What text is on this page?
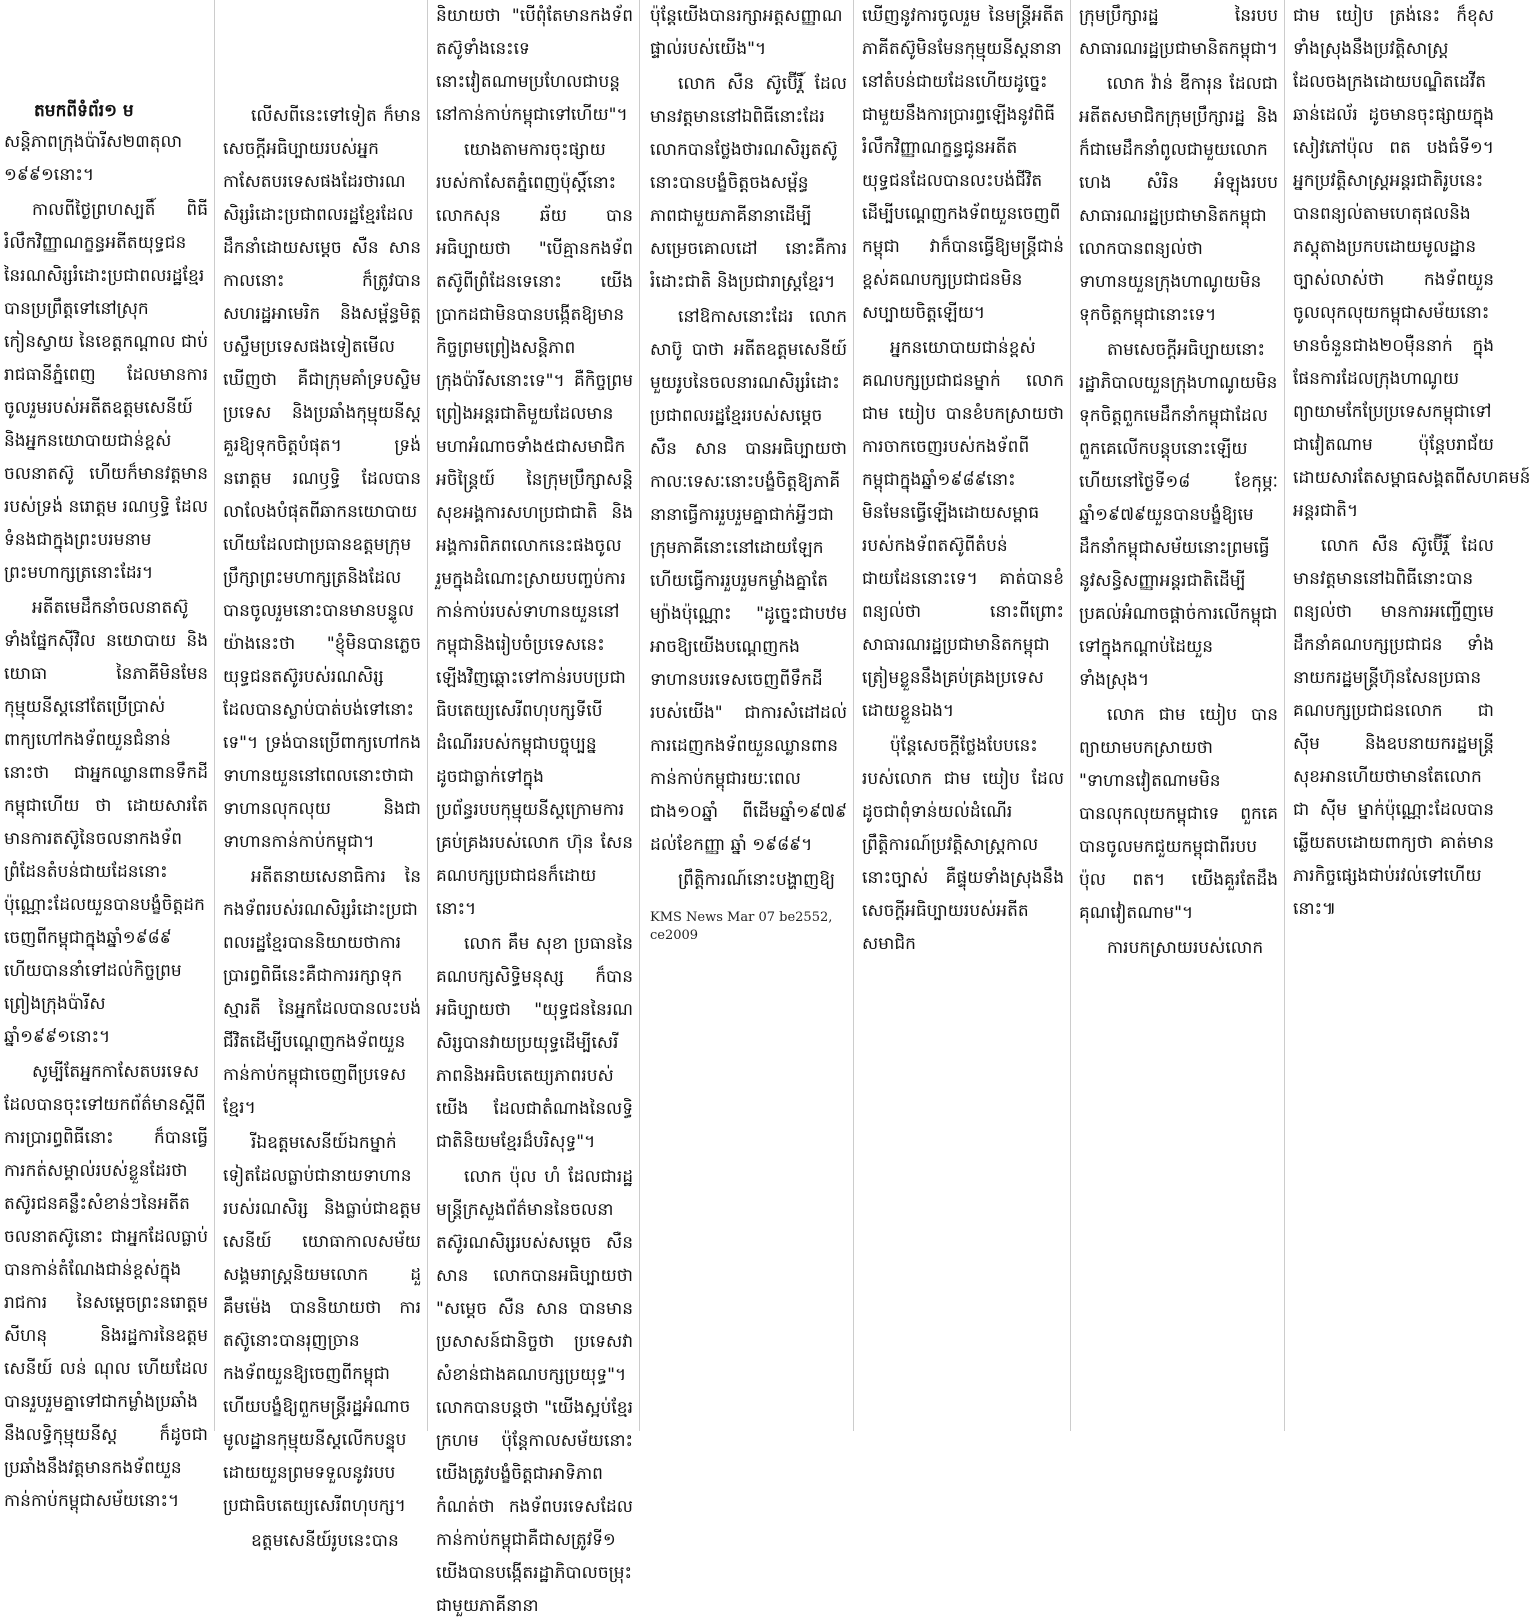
តមកពីទំព័រ១ ម

សន្តិភាពក្រុងប៉ារីស២៣តុលា ១៩៩១នោះ។

កាលពីថ្ងៃព្រហស្បតិ៍ ពិធីរំលឹកវិញ្ញាណក្ខន្ធអតីតយុទ្ធជន នៃរណសិរ្សរំដោះប្រជាពលរដ្ឋខ្មែរបានប្រព្រឹត្តទៅនៅស្រុកកៀនស្វាយ នៃខេត្តកណ្តាល ជាប់រាជធានីភ្នំពេញ ដែលមានការចូលរួមរបស់អតីតឧត្តមសេនីយ៍និងអ្នកនយោបាយជាន់ខ្ពស់ចលនាតស៊ូ ហើយក៏មានវត្តមានរបស់ទ្រង់ នរោត្តម រណឫទ្ធិ ដែលទំនងជាក្នុងព្រះបរមនាមព្រះមហាក្សត្រនោះដែរ។

អតីតមេដឹកនាំចលនាតស៊ូទាំងផ្នែកស៊ីវិល នយោបាយ និងយោធា នៃភាគីមិនមែនកុម្មុយនីស្តនៅតែប្រើប្រាស់ពាក្យហៅកងទ័ពយួនជំនាន់នោះថា ជាអ្នកឈ្លានពានទឹកដីកម្ពុជាហើយ ថា ដោយសារតែមានការតស៊ូនៃចលនាកងទ័ពព្រំដែនតំបន់ជាយដែននោះប៉ុណ្ណោះដែលយួនបានបង្ខំចិត្តដកចេញពីកម្ពុជាក្នុងឆ្នាំ១៩៨៩ ហើយបាននាំទៅដល់កិច្ចព្រមព្រៀងក្រុងប៉ារីសឆ្នាំ១៩៩១នោះ។

សូម្បីតែអ្នកកាសែតបរទេសដែលបានចុះទៅយកព័ត៌មានស្តីពីការប្រារព្ធពិធីនោះ ក៏បានធ្វើការកត់សម្គាល់របស់ខ្លួនដែរថា តស៊ូរជនគន្លឹះសំខាន់ៗនៃអតីតចលនាតស៊ូនោះ ជាអ្នកដែលធ្លាប់បានកាន់តំណែងជាន់ខ្ពស់ក្នុងរាជការ នៃសម្តេចព្រះនរោត្តម សីហនុ និងរដ្ឋការនៃឧត្តមសេនីយ៍ លន់ ណុល ហើយដែលបានរួបរួមគ្នាទៅជាកម្លាំងប្រឆាំងនឹងលទ្ធិកុម្មុយនីស្ត ក៏ដូចជាប្រឆាំងនឹងវត្តមានកងទ័ពយួនកាន់កាប់កម្ពុជាសម័យនោះ។

លើសពីនេះទៅទៀត ក៏មានសេចក្តីអធិប្បាយរបស់អ្នកកាសែតបរទេសផងដែរថារណសិរ្សរំដោះប្រជាពលរដ្ឋខ្មែរដែលដឹកនាំដោយសម្តេច សឺន សាន កាលនោះ ក៏ត្រូវបានសហរដ្ឋអាមេរិក និងសម្ព័ន្ធមិត្តបស្ចឹមប្រទេសផងទៀតមើលឃើញថា គឺជាក្រុមគាំទ្របស្ចិមប្រទេស និងប្រឆាំងកុម្មុយនីស្តគួរឱ្យទុកចិត្តបំផុត។ ទ្រង់ នរោត្តម រណឫទ្ធិ ដែលបានលាលែងបំផុតពីឆាកនយោបាយ ហើយដែលជាប្រធានឧត្តមក្រុមប្រឹក្សាព្រះមហាក្សត្រនិងដែលបានចូលរួមនោះបានមានបន្ទូលយ៉ាងនេះថា "ខ្ញុំមិនបានភ្លេចយុទ្ធជនតស៊ូរបស់រណសិរ្ស ដែលបានស្លាប់បាត់បង់ទៅនោះទេ"។ ទ្រង់បានប្រើពាក្យហៅកងទាហានយួននៅពេលនោះថាជាទាហានលុកលុយ និងជាទាហានកាន់កាប់កម្ពុជា។

អតីតនាយសេនាធិការ នៃកងទ័ពរបស់រណសិរ្សរំដោះប្រជាពលរដ្ឋខ្មែរបាននិយាយថាការប្រារព្ធពិធីនេះគឺជាការរក្សាទុកស្មារតី នៃអ្នកដែលបានលះបង់ជីវិតដើម្បីបណ្តេញកងទ័ពយួនកាន់កាប់កម្ពុជាចេញពីប្រទេសខ្មែរ។

រីឯឧត្តមសេនីយ៍ឯកម្នាក់ទៀតដែលធ្លាប់ជានាយទាហានរបស់រណសិរ្ស និងធ្លាប់ជាឧត្តមសេនីយ៍ យោធាកាលសម័យសង្គមរាស្ត្រនិយមលោក ដួ គឹមម៉េង បាននិយាយថា ការតស៊ូនោះបានរុញច្រានកងទ័ពយួនឱ្យចេញពីកម្ពុជាហើយបង្ខំឱ្យពួកមន្ត្រីរដ្ឋអំណាចមូលដ្ឋានកុម្មុយនីស្តលើកបន្ទុបដោយយួនព្រមទទួលនូវរបបប្រជាធិបតេយ្យសេរីពហុបក្ស។

ឧត្តមសេនីយ៍រូបនេះបាន

និយាយថា "បើពុំតែមានកងទ័ពតស៊ូទាំងនេះទេនោះវៀតណាមប្រហែលជាបន្តនៅកាន់កាប់កម្ពុជាទៅហើយ"។

យោងតាមការចុះផ្សាយរបស់កាសែតភ្នំពេញប៉ុស្តិ៍នោះ លោកសុន ឆ័យ បានអធិប្បាយថា "បើគ្មានកងទ័ពតស៊ូពីព្រំដែនទេនោះ យើងប្រាកដជាមិនបានបង្កើតឱ្យមានកិច្ចព្រមព្រៀងសន្តិភាពក្រុងប៉ារីសនោះទេ"។ គឺកិច្ចព្រមព្រៀងអន្តរជាតិមួយដែលមានមហាអំណាចទាំង៥ជាសមាជិកអចិន្ត្រៃយ៍ នៃក្រុមប្រឹក្សាសន្តិសុខអង្គការសហប្រជាជាតិ និងអង្គការពិភពលោកនេះផងចូលរួមក្នុងដំណោះស្រាយបញ្ចប់ការកាន់កាប់របស់ទាហានយួននៅកម្ពុជានិងរៀបចំប្រទេសនេះឡើងវិញឆ្ពោះទៅកាន់របបប្រជាធិបតេយ្យសេរីពហុបក្សទីបើដំណើររបស់កម្ពុជាបច្ចុប្បន្នដូចជាធ្លាក់ទៅក្នុងប្រព័ន្ធរបបកុម្មុយនីស្តក្រោមការគ្រប់គ្រងរបស់លោក ហ៊ុន សែន គណបក្សប្រជាជនក៏ដោយនោះ។

លោក គឹម សុខា ប្រធាននៃគណបក្សសិទ្ធិមនុស្ស ក៏បានអធិប្បាយថា "យុទ្ធជននៃរណសិរ្សបានវាយប្រយុទ្ធដើម្បីសេរីភាពនិងអធិបតេយ្យភាពរបស់យើង ដែលជាតំណាងនៃលទ្ធិជាតិនិយមខ្មែរដ៏បរិសុទ្ធ"។

លោក ប៉ុល ហំ ដែលជារដ្ឋមន្ត្រីក្រសួងព័ត៌មាននៃចលនាតស៊ូរណសិរ្សរបស់សម្តេច សឺន សាន លោកបានអធិប្បាយថា "សម្តេច សឺន សាន បានមានប្រសាសន៍ជានិច្ចថា ប្រទេសវាសំខាន់ជាងគណបក្សប្រយុទ្ធ"។ លោកបានបន្តថា "យើងស្អប់ខ្មែរក្រហម ប៉ុន្តែកាលសម័យនោះ យើងត្រូវបង្ខំចិត្តជាអាទិភាពកំណត់ថា កងទ័ពបរទេសដែលកាន់កាប់កម្ពុជាគឺជាសត្រូវទី១ យើងបានបង្កើតរដ្ឋាភិបាលចម្រុះជាមួយភាគីនានា

ប៉ុន្តែយើងបានរក្សាអត្តសញ្ញាណផ្ទាល់របស់យើង"។

លោក សឺន ស៊ូប៊ើរ្តិ៍ ដែលមានវត្តមាននៅឯពិធីនោះដែរ លោកបានថ្លែងថារណសិរ្សតស៊ូនោះបានបង្ខំចិត្តចងសម្ព័ន្ធភាពជាមួយភាគីនានាដើម្បីសម្រេចគោលដៅ នោះគឺការរំដោះជាតិ និងប្រជារាស្ត្រខ្មែរ។

នៅឱកាសនោះដែរ លោក សាប៊ូ បាថា អតីតឧត្តមសេនីយ៍មួយរូបនៃចលនារណសិរ្សរំដោះប្រជាពលរដ្ឋខ្មែររបស់សម្តេច សឺន សាន បានអធិប្បាយថា កាលៈទេសៈនោះបង្ខំចិត្តឱ្យភាគីនានាធ្វើការរួបរួមគ្នាជាក់អ្វីៗជាក្រុមភាគីនោះនៅដោយឡែក ហើយធ្វើការរួបរួមកម្លាំងគ្នាតែម្យ៉ាងប៉ុណ្ណោះ "ដូច្នេះជាបឋមអាចឱ្យយើងបណ្តេញកងទាហានបរទេសចេញពីទឹកដីរបស់យើង" ជាការសំដៅដល់ការដេញកងទ័ពយួនឈ្លានពានកាន់កាប់កម្ពុជារយៈពេលជាង១០ឆ្នាំ ពីដើមឆ្នាំ១៩៧៩ ដល់ខែកញ្ញា ឆ្នាំ ១៩៨៩។

ព្រឹត្តិការណ៍នោះបង្ហាញឱ្យ

KMS News Mar 07 be2552, ce2009

ឃើញនូវការចូលរួម នៃមន្ត្រីអតីតភាគីតស៊ូមិនមែនកុម្មុយនីស្តនានានៅតំបន់ជាយដែនហើយដូច្នេះជាមួយនឹងការប្រារព្ធឡើងនូវពិធីរំលឹកវិញ្ញាណក្ខន្ធជូនអតីតយុទ្ធជនដែលបានលះបង់ជីវិតដើម្បីបណ្តេញកងទ័ពយួនចេញពីកម្ពុជា វាក៏បានធ្វើឱ្យមន្ត្រីជាន់ខ្ពស់គណបក្សប្រជាជនមិនសប្បាយចិត្តឡើយ។

អ្នកនយោបាយជាន់ខ្ពស់គណបក្សប្រជាជនម្នាក់ លោក ជាម យៀប បានខំបកស្រាយថាការចាកចេញរបស់កងទ័ពពីកម្ពុជាក្នុងឆ្នាំ១៩៨៩នោះ មិនមែនធ្វើឡើងដោយសម្ពាធរបស់កងទ័ពតស៊ូពីតំបន់ជាយដែននោះទេ។ គាត់បានខំពន្យល់ថា នោះពីព្រោះសាធារណរដ្ឋប្រជាមានិតកម្ពុជាត្រៀមខ្លួននឹងគ្រប់គ្រងប្រទេសដោយខ្លួនឯង។

ប៉ុន្តែសេចក្តីថ្លែងបែបនេះរបស់លោក ជាម យៀប ដែលដូចជាពុំទាន់យល់ដំណើរព្រឹត្តិការណ៍ប្រវត្តិសាស្ត្រកាលនោះច្បាស់ គឺផ្ទុយទាំងស្រុងនឹងសេចក្តីអធិប្បាយរបស់អតីតសមាជិក

ក្រុមប្រឹក្សារដ្ឋ នៃរបបសាធារណរដ្ឋប្រជាមានិតកម្ពុជា។

លោក វ៉ាន់ ឌីការុន ដែលជាអតីតសមាជិកក្រុមប្រឹក្សារដ្ឋ និងក៏ជាមេដឹកនាំពូលជាមួយលោក ហេង សំរិន អំឡុងរបបសាធារណរដ្ឋប្រជាមានិតកម្ពុជា លោកបានពន្យល់ថា ទាហានយួនក្រុងហាណូយមិនទុកចិត្តកម្ពុជានោះទេ។

តាមសេចក្តីអធិប្បាយនោះរដ្ឋាភិបាលយួនក្រុងហាណូយមិនទុកចិត្តពួកមេដឹកនាំកម្ពុជាដែលពួកគេលើកបន្តុបនោះឡើយ ហើយនៅថ្ងៃទី១៨ ខែកុម្ភៈ ឆ្នាំ១៩៧៩យួនបានបង្ខំឱ្យមេដឹកនាំកម្ពុជាសម័យនោះព្រមធ្វើនូវសន្ធិសញ្ញាអន្តរជាតិដើម្បីប្រគល់អំណាចផ្តាច់ការលើកម្ពុជាទៅក្នុងកណ្តាប់ដៃយួនទាំងស្រុង។

លោក ជាម យៀប បានព្យាយាមបកស្រាយថា "ទាហានវៀតណាមមិនបានលុកលុយកម្ពុជាទេ ពួកគេបានចូលមកជួយកម្ពុជាពីរបប ប៉ុល ពត។ យើងគួរតែដឹងគុណវៀតណាម"។

ការបកស្រាយរបស់លោក

ជាម យៀប ត្រង់នេះ ក៏ខុសទាំងស្រុងនឹងប្រវត្តិសាស្ត្រដែលចងក្រងដោយបណ្ឌិតដេវីតឆាន់ដេល័រ ដូចមានចុះផ្សាយក្នុងសៀវភៅប៉ុល ពត បងធំទី១។ អ្នកប្រវត្តិសាស្ត្រអន្តរជាតិរូបនេះបានពន្យល់តាមហេតុផលនិងភស្តុតាងប្រកបដោយមូលដ្ឋានច្បាស់លាស់ថា កងទ័ពយួនចូលលុកលុយកម្ពុជាសម័យនោះមានចំនួនជាង២០ម៉ឺននាក់ ក្នុងផែនការដែលក្រុងហាណូយព្យាយាមកែប្រែប្រទេសកម្ពុជាទៅជាវៀតណាម ប៉ុន្តែបរាជ័យដោយសារតែសម្ពាធសង្គតពីសហគមន៍អន្តរជាតិ។

លោក សឺន ស៊ូប៊ើរ្តិ៍ ដែលមានវត្តមាននៅឯពិធីនោះបានពន្យល់ថា មានការអញ្ជើញមេដឹកនាំគណបក្សប្រជាជន ទាំងនាយករដ្ឋមន្ត្រីហ៊ុនសែនប្រធានគណបក្សប្រជាជនលោក ជា ស៊ីម និងឧបនាយករដ្ឋមន្ត្រីសុខអានហើយថាមានតែលោក ជា ស៊ីម ម្នាក់ប៉ុណ្ណោះដែលបានឆ្លើយតបដោយពាក្យថា គាត់មានភារកិច្ចផ្សេងជាប់រវល់ទៅហើយនោះ៕
